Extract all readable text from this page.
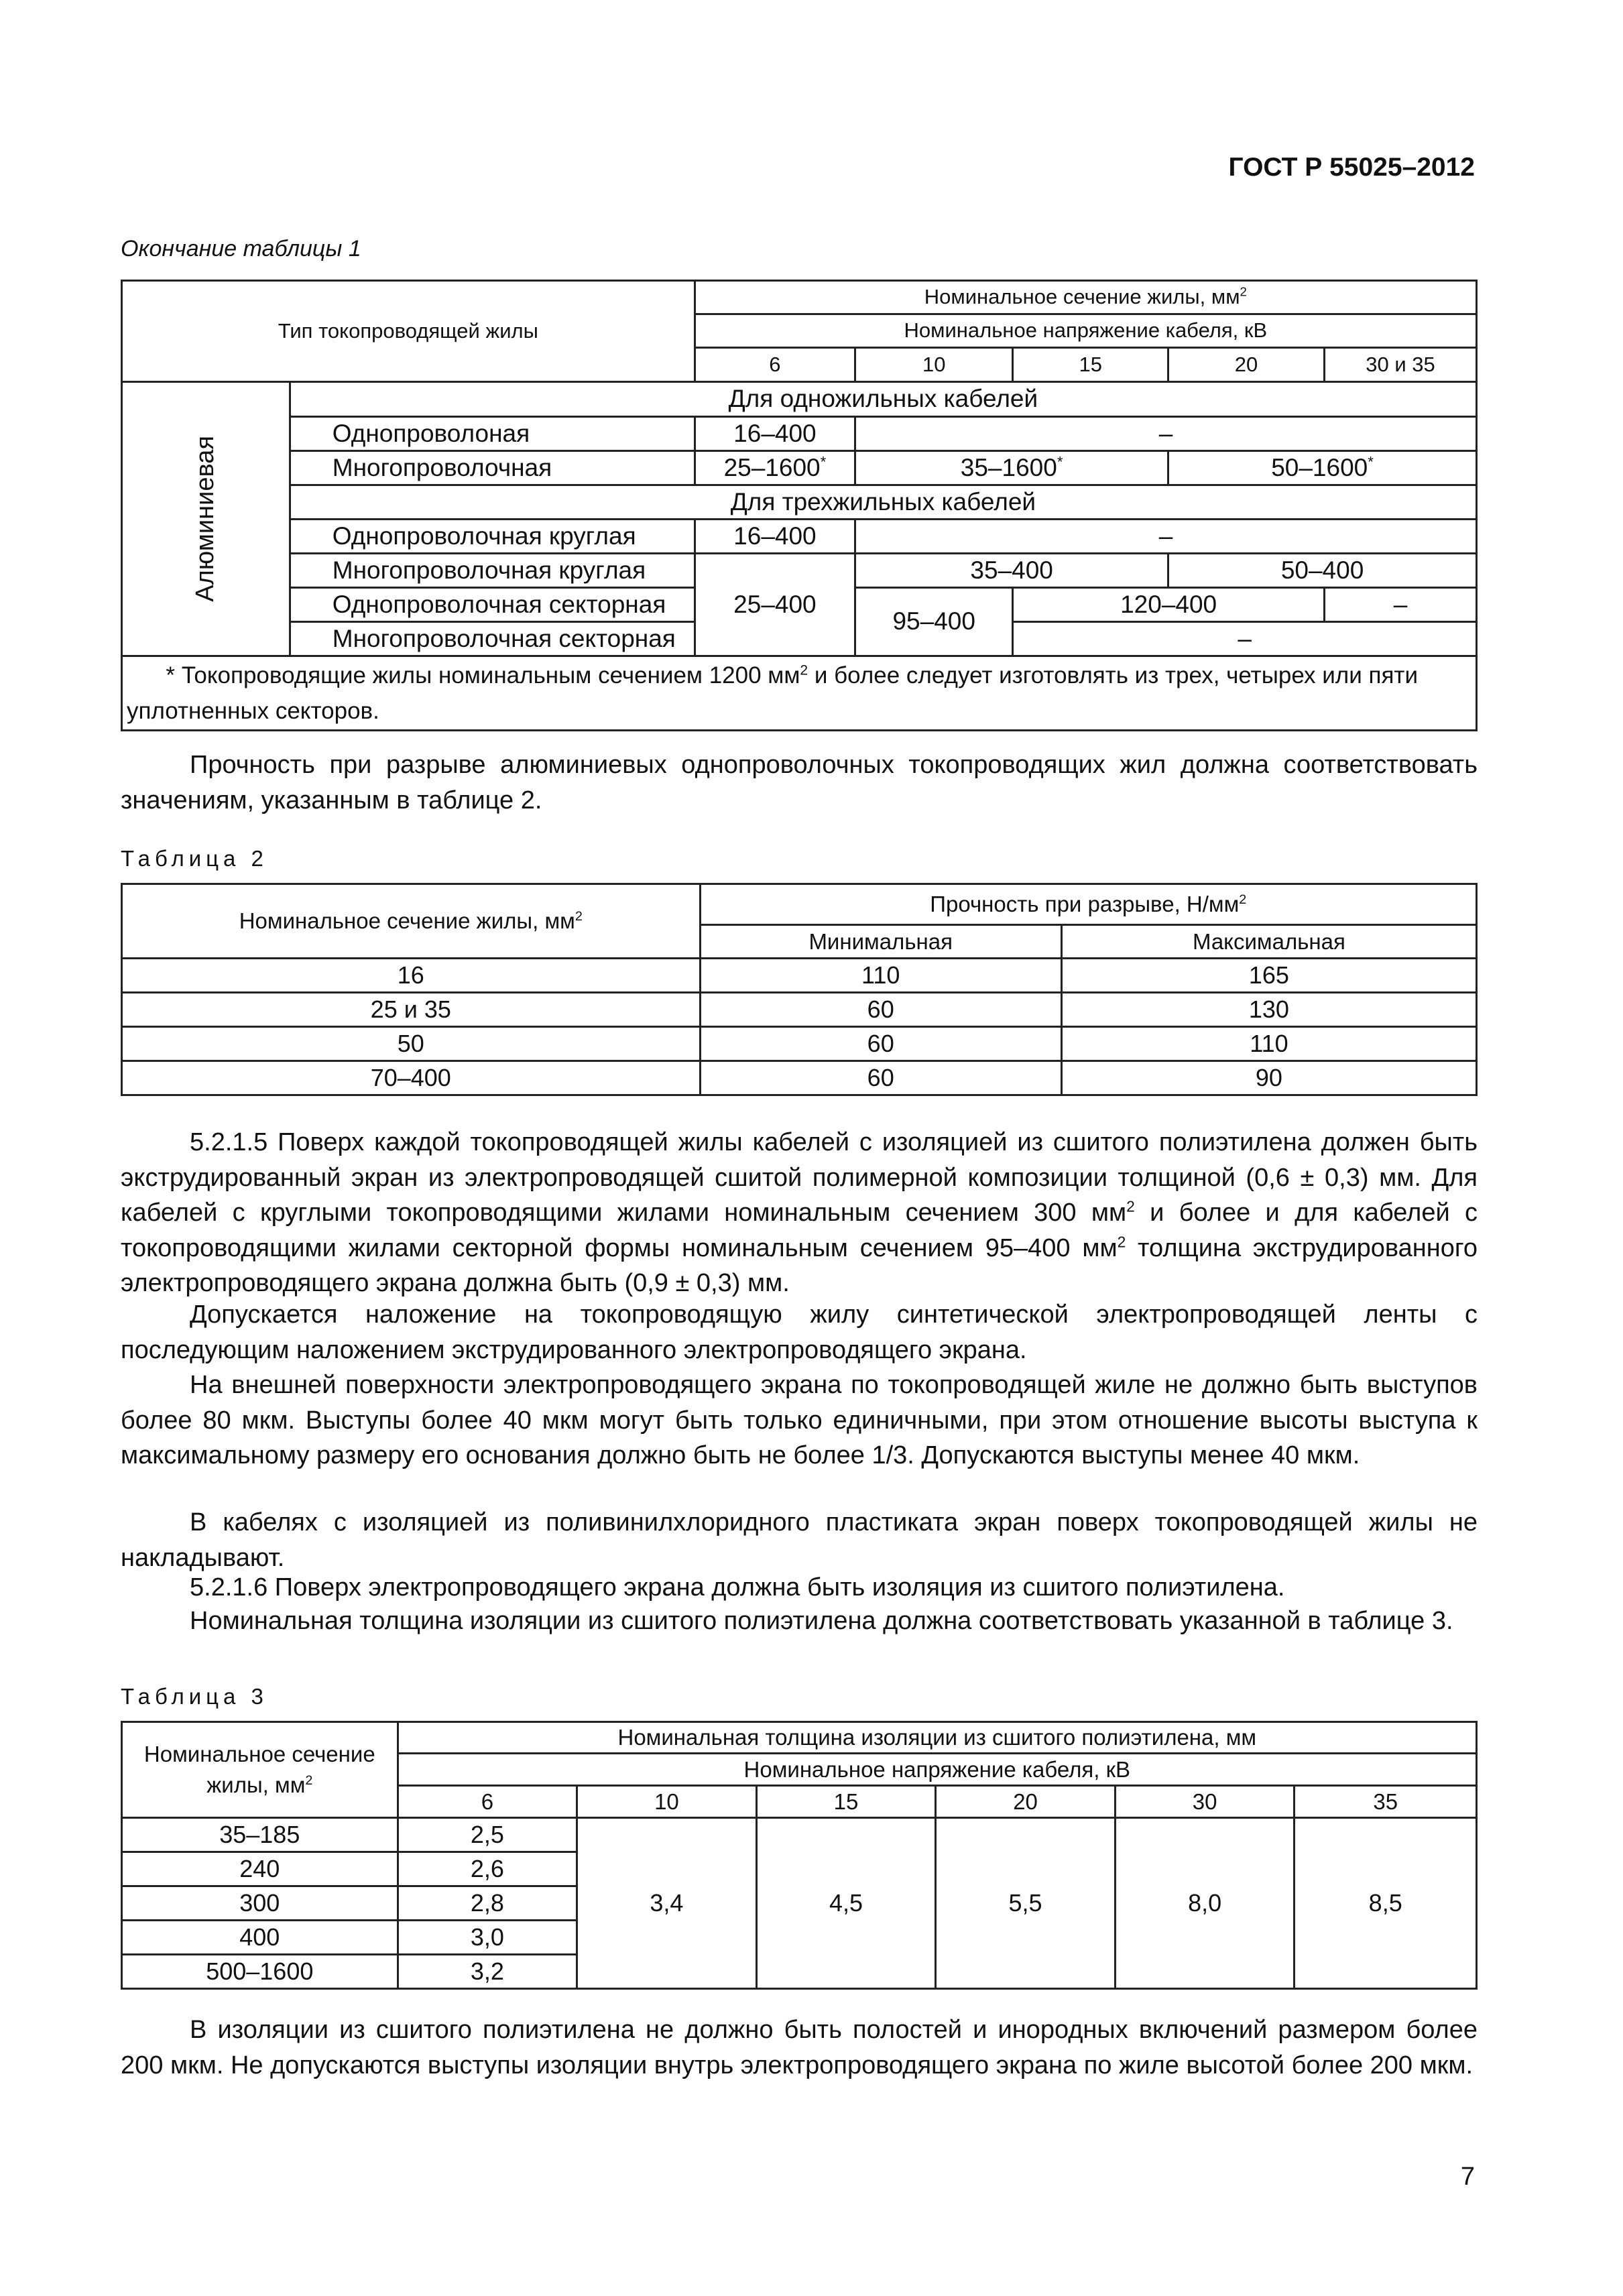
ГОСТ Р 55025–2012
Окончание таблицы 1
Тип токопроводящей жилы		Номинальное сечение жилы, $мм^2$
		Номинальное напряжение кабеля, кВ				
		6	10	15	20	30 и 35
Алюминиевая	Для одножильных кабелей					
	Однопроволоная	16–400	–			
	Многопроволочная	25–1600*	35–1600*		50–1600*
	Для трехжильных кабелей					
	Однопроволочная круглая	16–400	–			
	Многопроволочная круглая	25–400	35–400		50–400	
	Однопроволочная секторная		95–400	120–400		–
	Многопроволочная секторная			–		
* Токопроводящие жилы номинальным сечением 1200 $мм^2$ и более следует изготовлять из трех, четырех или пяти уплотненных секторов.						

Прочность при разрыве алюминиевых однопроволочных токопроводящих жил должна соответствовать значениям, указанным в таблице 2.

Таблица 2
Номинальное сечение жилы, $мм^2$	Прочность при разрыве, $Н/мм^2$
	Минимальная	Максимальная
16	110	165
25 и 35	60	130
50	60	110
70–400	60	90

5.2.1.5 Поверх каждой токопроводящей жилы кабелей с изоляцией из сшитого полиэтилена должен быть экструдированный экран из электропроводящей сшитой полимерной композиции толщиной (0,6 ± 0,3) мм. Для кабелей с круглыми токопроводящими жилами номинальным сечением 300 $мм^2$ и более и для кабелей с токопроводящими жилами секторной формы номинальным сечением 95–400 $мм^2$ толщина экструдированного электропроводящего экрана должна быть (0,9 ± 0,3) мм.

Допускается наложение на токопроводящую жилу синтетической электропроводящей ленты с последующим наложением экструдированного электропроводящего экрана.

На внешней поверхности электропроводящего экрана по токопроводящей жиле не должно быть выступов более 80 мкм. Выступы более 40 мкм могут быть только единичными, при этом отношение высоты выступа к максимальному размеру его основания должно быть не более 1/3. Допускаются выступы менее 40 мкм.

В кабелях с изоляцией из поливинилхлоридного пластиката экран поверх токопроводящей жилы не накладывают.

5.2.1.6 Поверх электропроводящего экрана должна быть изоляция из сшитого полиэтилена.

Номинальная толщина изоляции из сшитого полиэтилена должна соответствовать указанной в таблице 3.

Таблица 3
Номинальное сечение жилы, $мм^2$	Номинальная толщина изоляции из сшитого полиэтилена, мм					
	Номинальное напряжение кабеля, кВ					
	6	10	15	20	30	35
35–185	2,5	3,4	4,5	5,5	8,0	8,5
240	2,6					
300	2,8					
400	3,0					
500–1600	3,2					

В изоляции из сшитого полиэтилена не должно быть полостей и инородных включений размером более 200 мкм. Не допускаются выступы изоляции внутрь электропроводящего экрана по жиле высотой более 200 мкм.

7
